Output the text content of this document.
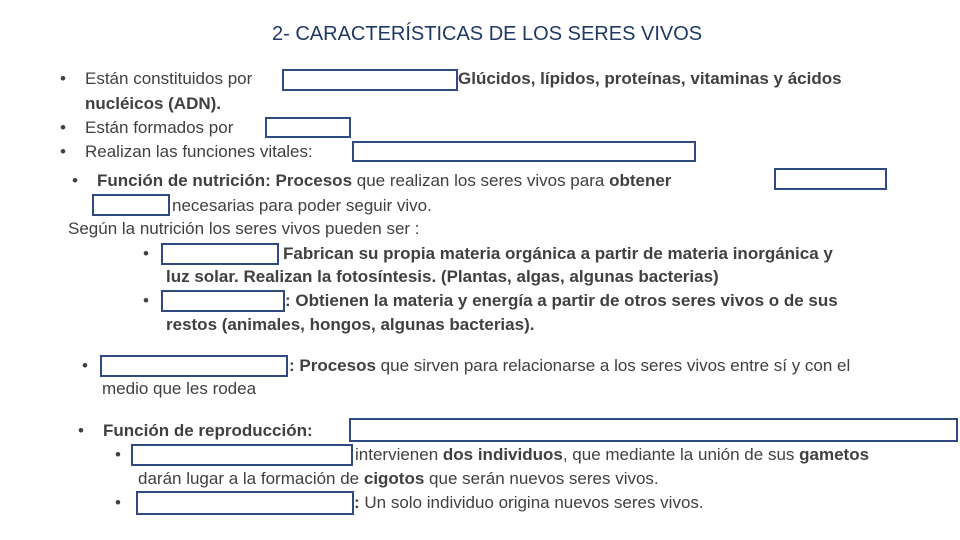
2- CARACTERÍSTICAS DE LOS SERES VIVOS
• Están constituidos por	Glúcidos, lípidos, proteínas, vitaminas y ácidos
nucléicos (ADN).
• Están formados por
• Realizan las funciones vitales:
• Función de nutrición: Procesos que realizan los seres vivos para obtener
necesarias para poder seguir vivo.
Según la nutrición los seres vivos pueden ser :
•	Fabrican su propia materia orgánica a partir de materia inorgánica y
luz solar. Realizan la fotosíntesis. (Plantas, algas, algunas bacterias)
•	: Obtienen la materia y energía a partir de otros seres vivos o de sus
restos (animales, hongos, algunas bacterias).
•	: Procesos que sirven para relacionarse a los seres vivos entre sí y con el
medio que les rodea
• Función de reproducción:
•	intervienen dos individuos, que mediante la unión de sus gametos
darán lugar a la formación de cigotos que serán nuevos seres vivos.
•	: Un solo individuo origina nuevos seres vivos.
